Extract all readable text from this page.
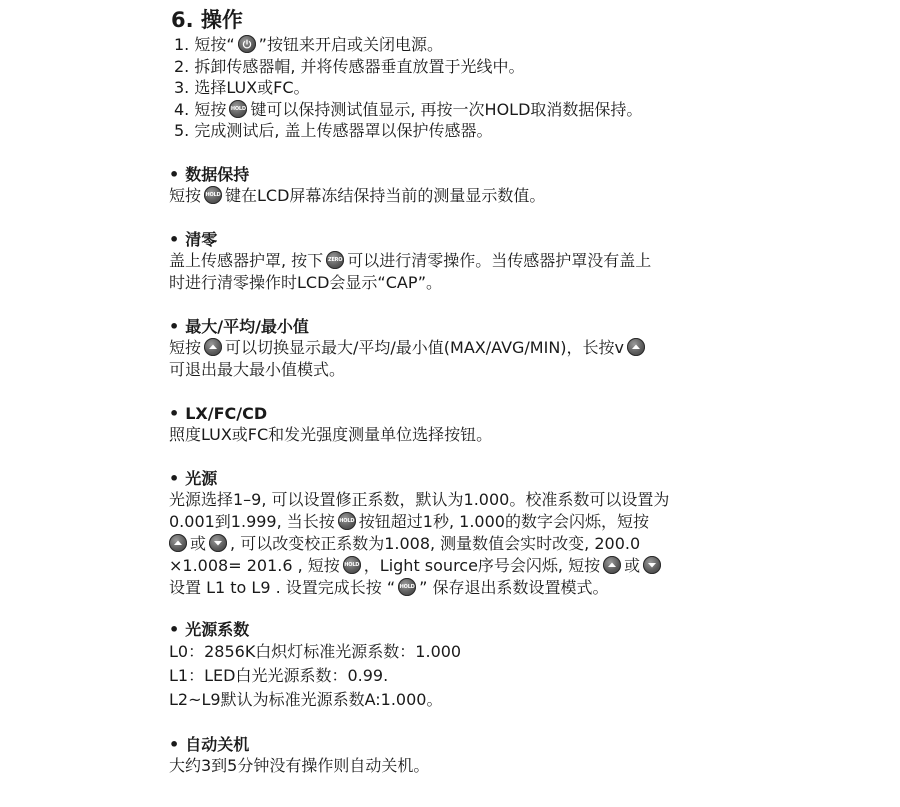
6. 操作
1. 短按“ ”按钮来开启或关闭电源。
2. 拆卸传感器帽, 并将传感器垂直放置于光线中。
3. 选择LUX或FC。
4. 短按 HOLD 键可以保持测试值显示, 再按一次HOLD取消数据保持。
5. 完成测试后, 盖上传感器罩以保护传感器。
• 数据保持
短按 HOLD 键在LCD屏幕冻结保持当前的测量显示数值。
• 清零
盖上传感器护罩, 按下 ZERO 可以进行清零操作。当传感器护罩没有盖上
时进行清零操作时LCD会显示“CAP”。
• 最大/平均/最小值
短按 可以切换显示最大/平均/最小值(MAX/AVG/MIN)，长按v
可退出最大最小值模式。
• LX/FC/CD
照度LUX或FC和发光强度测量单位选择按钮。
• 光源
光源选择1–9, 可以设置修正系数，默认为1.000。校准系数可以设置为
0.001到1.999, 当长按 HOLD 按钮超过1秒, 1.000的数字会闪烁，短按
或 , 可以改变校正系数为1.008, 测量数值会实时改变, 200.0
×1.008= 201.6 , 短按 HOLD ，Light source序号会闪烁, 短按 或
设置 L1 to L9 . 设置完成长按 “ HOLD ” 保存退出系数设置模式。
• 光源系数
L0：2856K白炽灯标准光源系数：1.000
L1：LED白光光源系数：0.99.
L2~L9默认为标准光源系数A:1.000。
• 自动关机
大约3到5分钟没有操作则自动关机。
